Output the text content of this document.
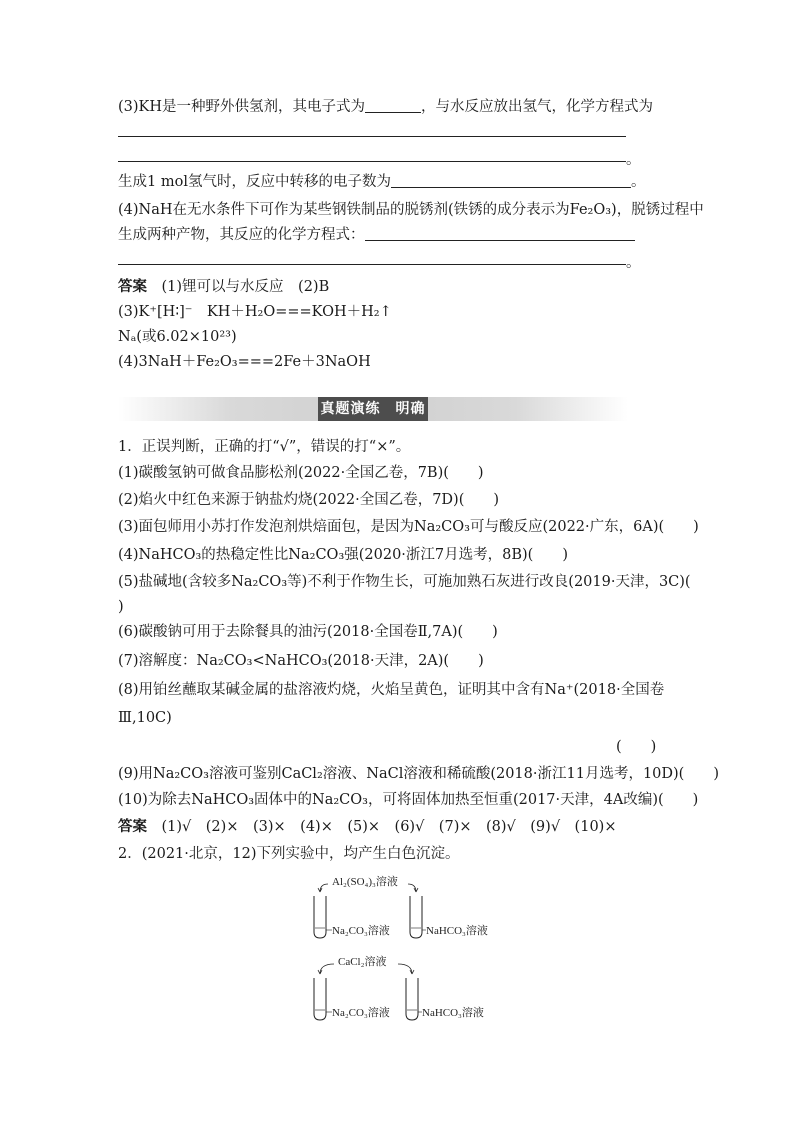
(3)KH是一种野外供氢剂，其电子式为	，与水反应放出氢气，化学方程式为
。
生成1 mol氢气时，反应中转移的电子数为	。
(4)NaH在无水条件下可作为某些钢铁制品的脱锈剂(铁锈的成分表示为Fe₂O₃)，脱锈过程中
生成两种产物，其反应的化学方程式：
。
答案　 (1)锂可以与水反应　(2)B
(3)K⁺[H∶]⁻　KH＋H₂O===KOH＋H₂↑
Nₐ(或6.02×10²³)
(4)3NaH＋Fe₂O₃===2Fe＋3NaOH
真题演练　明确考向
1．正误判断，正确的打“√”，错误的打“×”。
(1)碳酸氢钠可做食品膨松剂(2022·全国乙卷，7B)(　　)
(2)焰火中红色来源于钠盐灼烧(2022·全国乙卷，7D)(　　)
(3)面包师用小苏打作发泡剂烘焙面包，是因为Na₂CO₃可与酸反应(2022·广东，6A)(　　)
(4)NaHCO₃的热稳定性比Na₂CO₃强(2020·浙江7月选考，8B)(　　)
(5)盐碱地(含较多Na₂CO₃等)不利于作物生长，可施加熟石灰进行改良(2019·天津，3C)(
)
(6)碳酸钠可用于去除餐具的油污(2018·全国卷Ⅱ,7A)(　　)
(7)溶解度：Na₂CO₃<NaHCO₃(2018·天津，2A)(　　)
(8)用铂丝蘸取某碱金属的盐溶液灼烧，火焰呈黄色，证明其中含有Na⁺(2018·全国卷
Ⅲ,10C)
(　　)
(9)用Na₂CO₃溶液可鉴别CaCl₂溶液、NaCl溶液和稀硫酸(2018·浙江11月选考，10D)(　　)
(10)为除去NaHCO₃固体中的Na₂CO₃，可将固体加热至恒重(2017·天津，4A改编)(　　)
答案　 (1)√　(2)×　(3)×　(4)×　(5)×　(6)√　(7)×　(8)√　(9)√　(10)×
2．(2021·北京，12)下列实验中，均产生白色沉淀。
Al₂(SO₄)₃溶液
Na₂CO₃溶液	NaHCO₃溶液
CaCl₂溶液
Na₂CO₃溶液	NaHCO₃溶液
